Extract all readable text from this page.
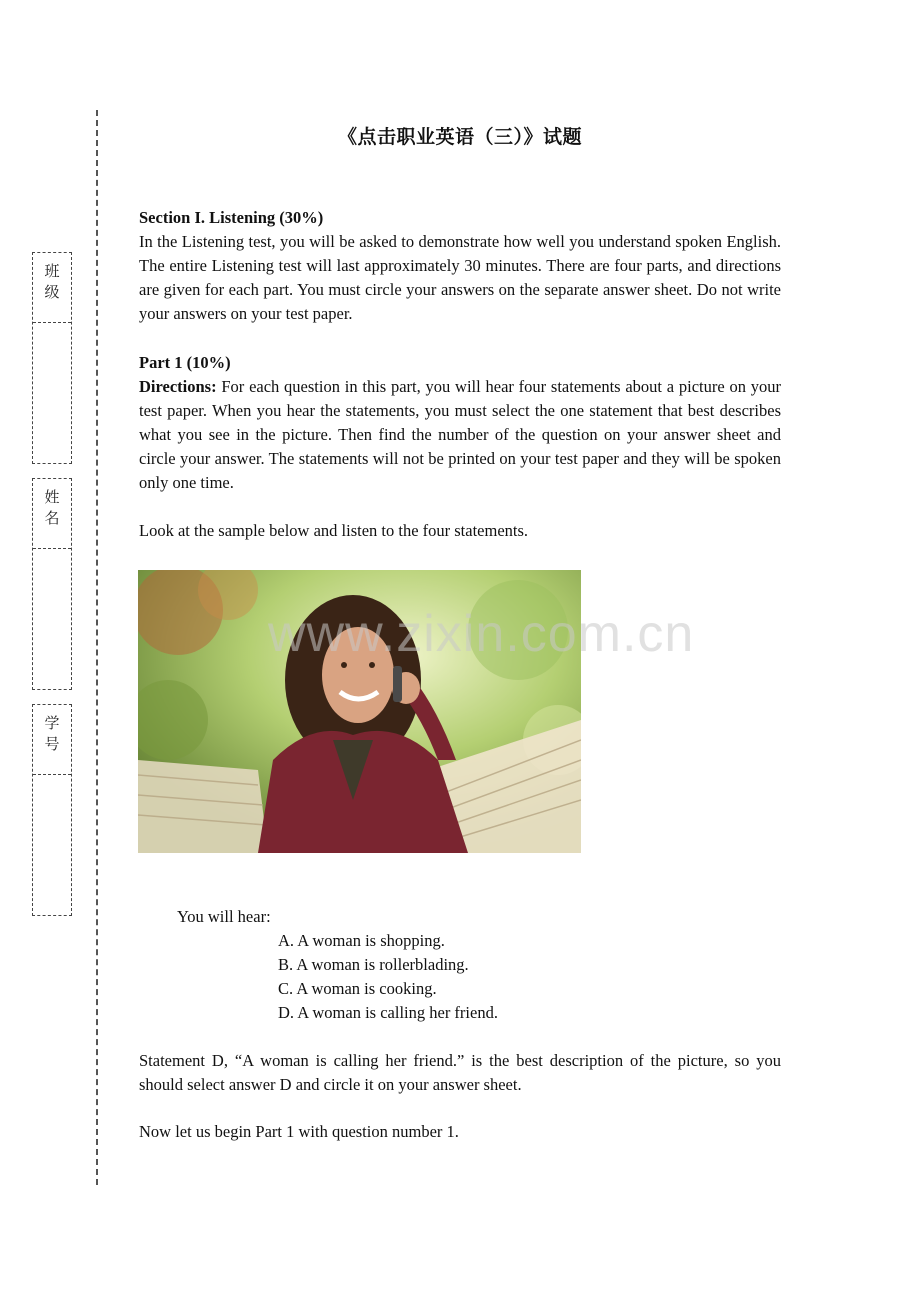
班
级
姓
名
学
号
《点击职业英语（三）》试题

Section I. Listening (30%)

In the Listening test, you will be asked to demonstrate how well you understand spoken English. The entire Listening test will last approximately 30 minutes. There are four parts, and directions are given for each part. You must circle your answers on the separate answer sheet. Do not write your answers on your test paper.

Part 1 (10%)

Directions: For each question in this part, you will hear four statements about a picture on your test paper. When you hear the statements, you must select the one statement that best describes what you see in the picture. Then find the number of the question on your answer sheet and circle your answer. The statements will not be printed on your test paper and they will be spoken only one time.

Look at the sample below and listen to the four statements.
You will hear:
Statement D, “A woman is calling her friend.” is the best description of the picture, so you should select answer D and circle it on your answer sheet.
Now let us begin Part 1 with question number 1.
www.zixin.com.cn
A. A woman is shopping.
B. A woman is rollerblading.
C. A woman is cooking.
D. A woman is calling her friend.
